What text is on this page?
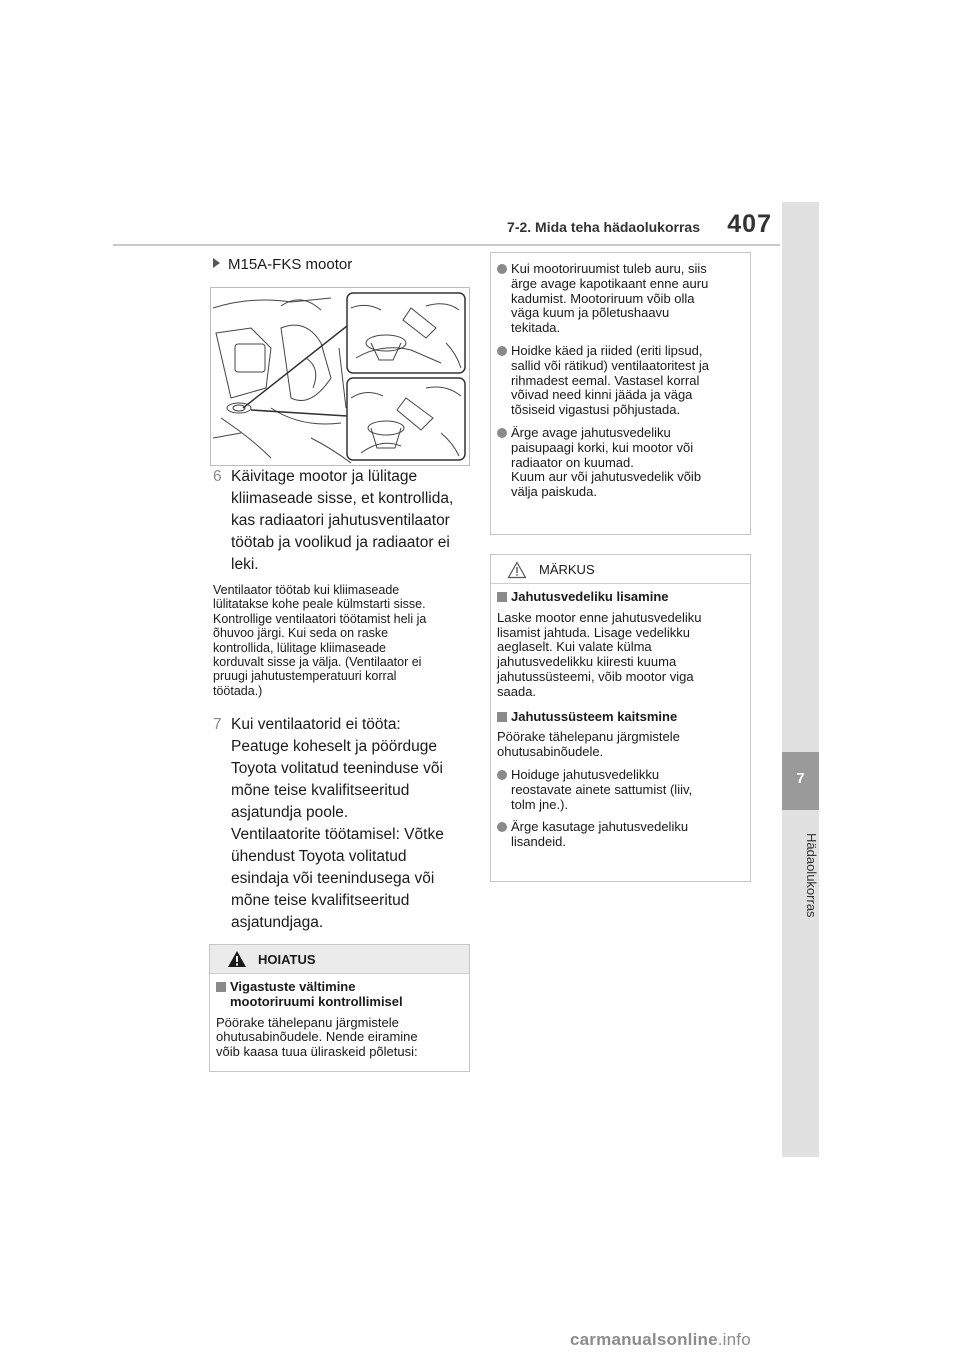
7-2. Mida teha hädaolukorras	407
7
Hädaolukorras
M15A-FKS mootor
6 Käivitage mootor ja lülitage
kliimaseade sisse, et kontrollida,
kas radiaatori jahutusventilaator
töötab ja voolikud ja radiaator ei
leki.
Ventilaator töötab kui kliimaseade
lülitatakse kohe peale külmstarti sisse.
Kontrollige ventilaatori töötamist heli ja
õhuvoo järgi. Kui seda on raske
kontrollida, lülitage kliimaseade
korduvalt sisse ja välja. (Ventilaator ei
pruugi jahutustemperatuuri korral
töötada.)
7 Kui ventilaatorid ei tööta:
Peatuge koheselt ja pöörduge
Toyota volitatud teeninduse või
mõne teise kvalifitseeritud
asjatundja poole.
Ventilaatorite töötamisel: Võtke
ühendust Toyota volitatud
esindaja või teenindusega või
mõne teise kvalifitseeritud
asjatundjaga.
HOIATUS
Vigastuste vältimine
mootoriruumi kontrollimisel
Pöörake tähelepanu järgmistele
ohutusabinõudele. Nende eiramine
võib kaasa tuua üliraskeid põletusi:
Kui mootoriruumist tuleb auru, siis
ärge avage kapotikaant enne auru
kadumist. Mootoriruum võib olla
väga kuum ja põletushaavu
tekitada.
Hoidke käed ja riided (eriti lipsud,
sallid või rätikud) ventilaatoritest ja
rihmadest eemal. Vastasel korral
võivad need kinni jääda ja väga
tõsiseid vigastusi põhjustada.
Ärge avage jahutusvedeliku
paisupaagi korki, kui mootor või
radiaator on kuumad.
Kuum aur või jahutusvedelik võib
välja paiskuda.
MÄRKUS
Jahutusvedeliku lisamine
Laske mootor enne jahutusvedeliku
lisamist jahtuda. Lisage vedelikku
aeglaselt. Kui valate külma
jahutusvedelikku kiiresti kuuma
jahutussüsteemi, võib mootor viga
saada.
Jahutussüsteem kaitsmine
Pöörake tähelepanu järgmistele
ohutusabinõudele.
Hoiduge jahutusvedelikku
reostavate ainete sattumist (liiv,
tolm jne.).
Ärge kasutage jahutusvedeliku
lisandeid.
carmanualsonline.info
